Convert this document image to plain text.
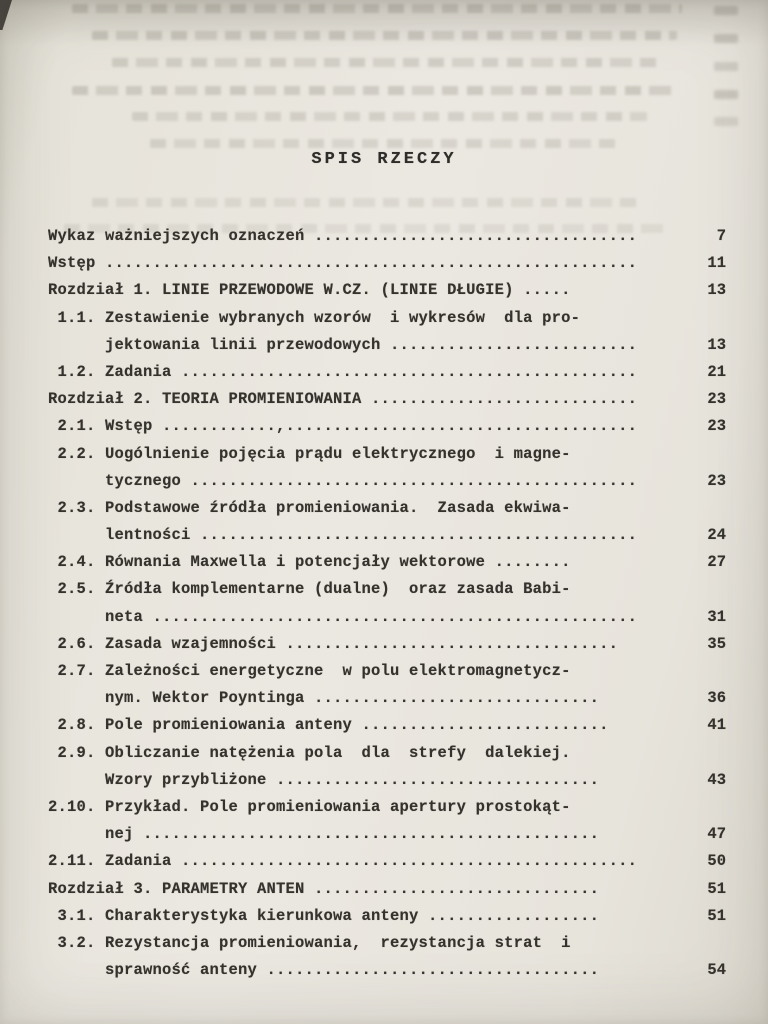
SPIS RZECZY
Wykaz ważniejszych oznaczeń ..................................	7
Wstęp ........................................................	11
Rozdział 1. LINIE PRZEWODOWE W.CZ. (LINIE DŁUGIE) .....	13
1.1. Zestawienie wybranych wzorów  i wykresów  dla pro-
jektowania linii przewodowych ..........................	13
1.2. Zadania ................................................	21
Rozdział 2. TEORIA PROMIENIOWANIA ............................	23
2.1. Wstęp ............,.....................................	23
2.2. Uogólnienie pojęcia prądu elektrycznego  i magne-
tycznego ...............................................	23
2.3. Podstawowe źródła promieniowania.  Zasada ekwiwa-
lentności ..............................................	24
2.4. Równania Maxwella i potencjały wektorowe ........	27
2.5. Źródła komplementarne (dualne)  oraz zasada Babi-
neta ...................................................	31
2.6. Zasada wzajemności ...................................	35
2.7. Zależności energetyczne  w polu elektromagnetycz-
nym. Wektor Poyntinga ..............................	36
2.8. Pole promieniowania anteny ..........................	41
2.9. Obliczanie natężenia pola  dla  strefy  dalekiej.
Wzory przybliżone ..................................	43
2.10. Przykład. Pole promieniowania apertury prostokąt-
nej ................................................	47
2.11. Zadania ................................................	50
Rozdział 3. PARAMETRY ANTEN ..............................	51
3.1. Charakterystyka kierunkowa anteny ..................	51
3.2. Rezystancja promieniowania,  rezystancja strat  i
sprawność anteny ...................................	54
